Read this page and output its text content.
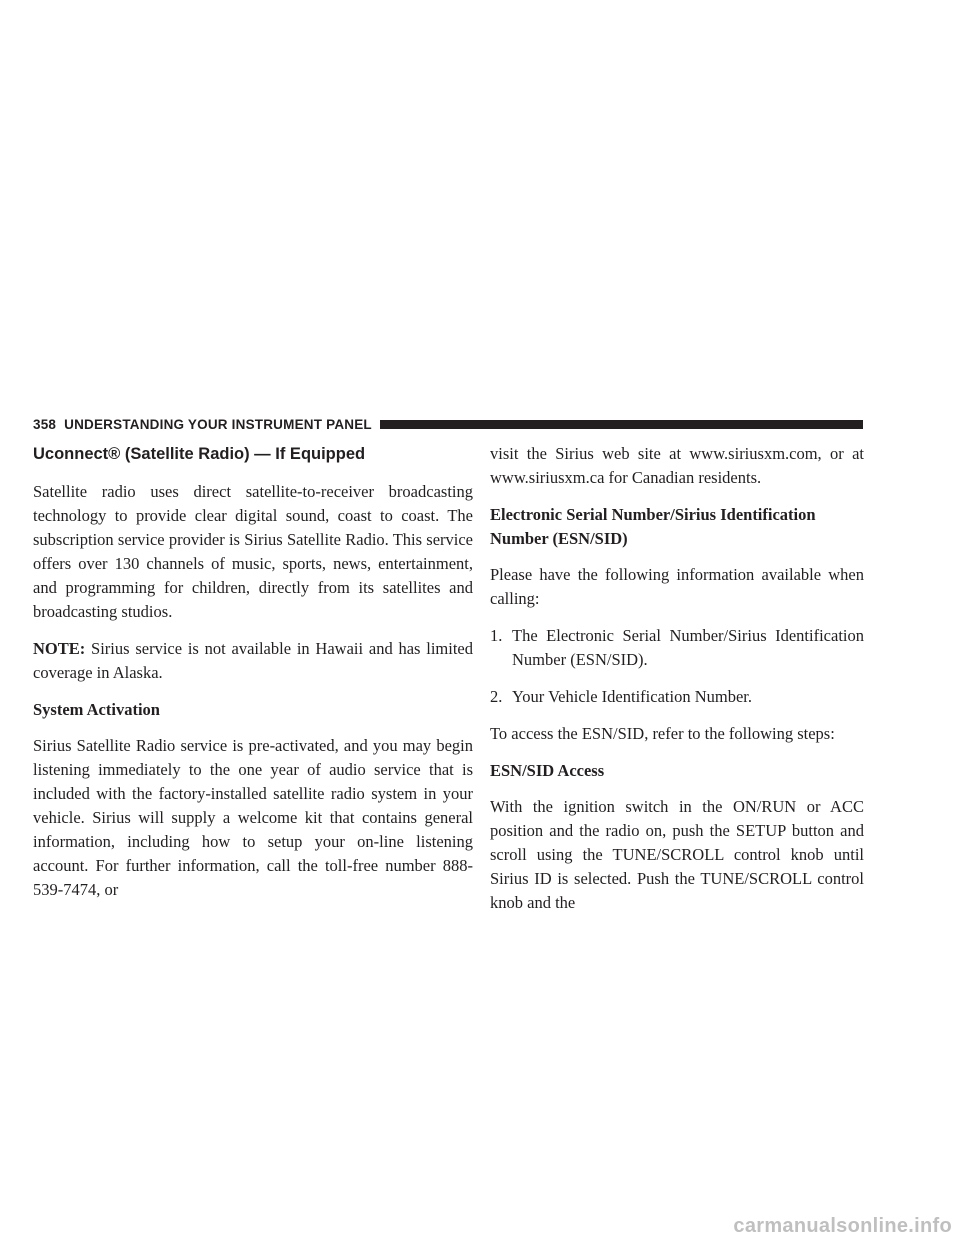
358 UNDERSTANDING YOUR INSTRUMENT PANEL
Uconnect® (Satellite Radio) — If Equipped

Satellite radio uses direct satellite-to-receiver broadcasting technology to provide clear digital sound, coast to coast. The subscription service provider is Sirius Satellite Radio. This service offers over 130 channels of music, sports, news, entertainment, and programming for children, directly from its satellites and broadcasting studios.

NOTE: Sirius service is not available in Hawaii and has limited coverage in Alaska.

System Activation

Sirius Satellite Radio service is pre-activated, and you may begin listening immediately to the one year of audio service that is included with the factory-installed satellite radio system in your vehicle. Sirius will supply a welcome kit that contains general information, including how to setup your on-line listening account. For further information, call the toll-free number 888-539-7474, or

visit the Sirius web site at www.siriusxm.com, or at www.siriusxm.ca for Canadian residents.

Electronic Serial Number/Sirius Identification Number (ESN/SID)

Please have the following information available when calling:

1. The Electronic Serial Number/Sirius Identification Number (ESN/SID).
2. Your Vehicle Identification Number.

To access the ESN/SID, refer to the following steps:

ESN/SID Access

With the ignition switch in the ON/RUN or ACC position and the radio on, push the SETUP button and scroll using the TUNE/SCROLL control knob until Sirius ID is selected. Push the TUNE/SCROLL control knob and the

carmanualsonline.info
